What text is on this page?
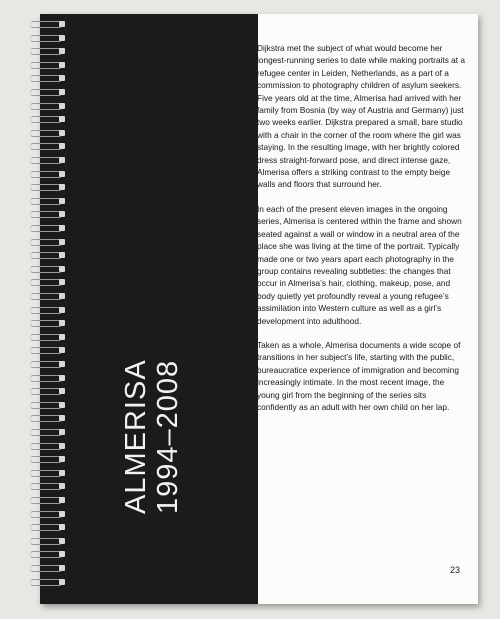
ALMERISA 1994–2008

Dijkstra met the subject of what would become her longest-running series to date while making portraits at a refugee center in Leiden, Netherlands, as a part of a commission to photography children of asylum seekers. Five years old at the time, Almerisa had arrived with her family from Bosnia (by way of Austria and Germany) just two weeks earlier. Dijkstra prepared a small, bare studio with a chair in the corner of the room where the girl was staying. In the resulting image, with her brightly colored dress straight-forward pose, and direct intense gaze, Almerisa offers a striking contrast to the empty beige walls and floors that surround her.

In each of the present eleven images in the ongoing series, Almerisa is centered within the frame and shown seated against a wall or window in a neutral area of the place she was living at the time of the portrait. Typically made one or two years apart each photography in the group contains revealing subtleties: the changes that occur in Almerisa’s hair, clothing, makeup, pose, and body quietly yet profoundly reveal a young refugee’s assimilation into Western culture as well as a girl’s development into adulthood.

Taken as a whole, Almerisa documents a wide scope of transitions in her subject’s life, starting with the public, bureaucratice experience of immigration and becoming increasingly intimate. In the most recent image, the young girl from the beginning of the series sits confidently as an adult with her own child on her lap.

23
